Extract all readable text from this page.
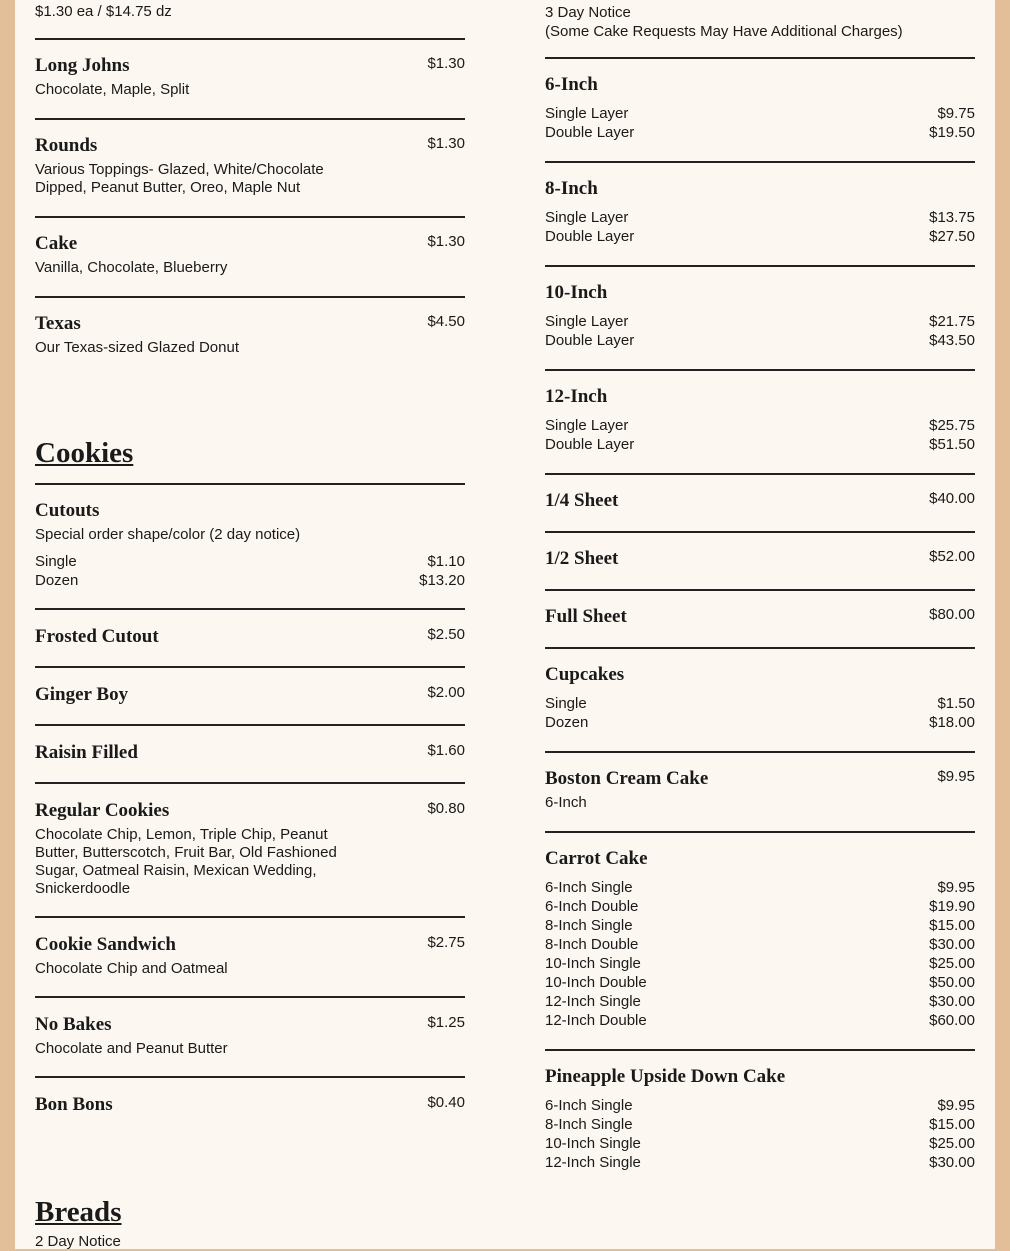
$1.30 ea / $14.75 dz
Long Johns	$1.30
Chocolate, Maple, Split
Rounds	$1.30
Various Toppings- Glazed, White/Chocolate Dipped, Peanut Butter, Oreo, Maple Nut
Cake	$1.30
Vanilla, Chocolate, Blueberry
Texas	$4.50
Our Texas-sized Glazed Donut
Cookies
Cutouts
Special order shape/color (2 day notice)
Single	$1.10
Dozen	$13.20
Frosted Cutout	$2.50
Ginger Boy	$2.00
Raisin Filled	$1.60
Regular Cookies	$0.80
Chocolate Chip, Lemon, Triple Chip, Peanut Butter, Butterscotch, Fruit Bar, Old Fashioned Sugar, Oatmeal Raisin, Mexican Wedding, Snickerdoodle
Cookie Sandwich	$2.75
Chocolate Chip and Oatmeal
No Bakes	$1.25
Chocolate and Peanut Butter
Bon Bons	$0.40
Breads
2 Day Notice
3 Day Notice
(Some Cake Requests May Have Additional Charges)
6-Inch
Single Layer	$9.75
Double Layer	$19.50
8-Inch
Single Layer	$13.75
Double Layer	$27.50
10-Inch
Single Layer	$21.75
Double Layer	$43.50
12-Inch
Single Layer	$25.75
Double Layer	$51.50
1/4 Sheet	$40.00
1/2 Sheet	$52.00
Full Sheet	$80.00
Cupcakes
Single	$1.50
Dozen	$18.00
Boston Cream Cake	$9.95
6-Inch
Carrot Cake
6-Inch Single	$9.95
6-Inch Double	$19.90
8-Inch Single	$15.00
8-Inch Double	$30.00
10-Inch Single	$25.00
10-Inch Double	$50.00
12-Inch Single	$30.00
12-Inch Double	$60.00
Pineapple Upside Down Cake
6-Inch Single	$9.95
8-Inch Single	$15.00
10-Inch Single	$25.00
12-Inch Single	$30.00
